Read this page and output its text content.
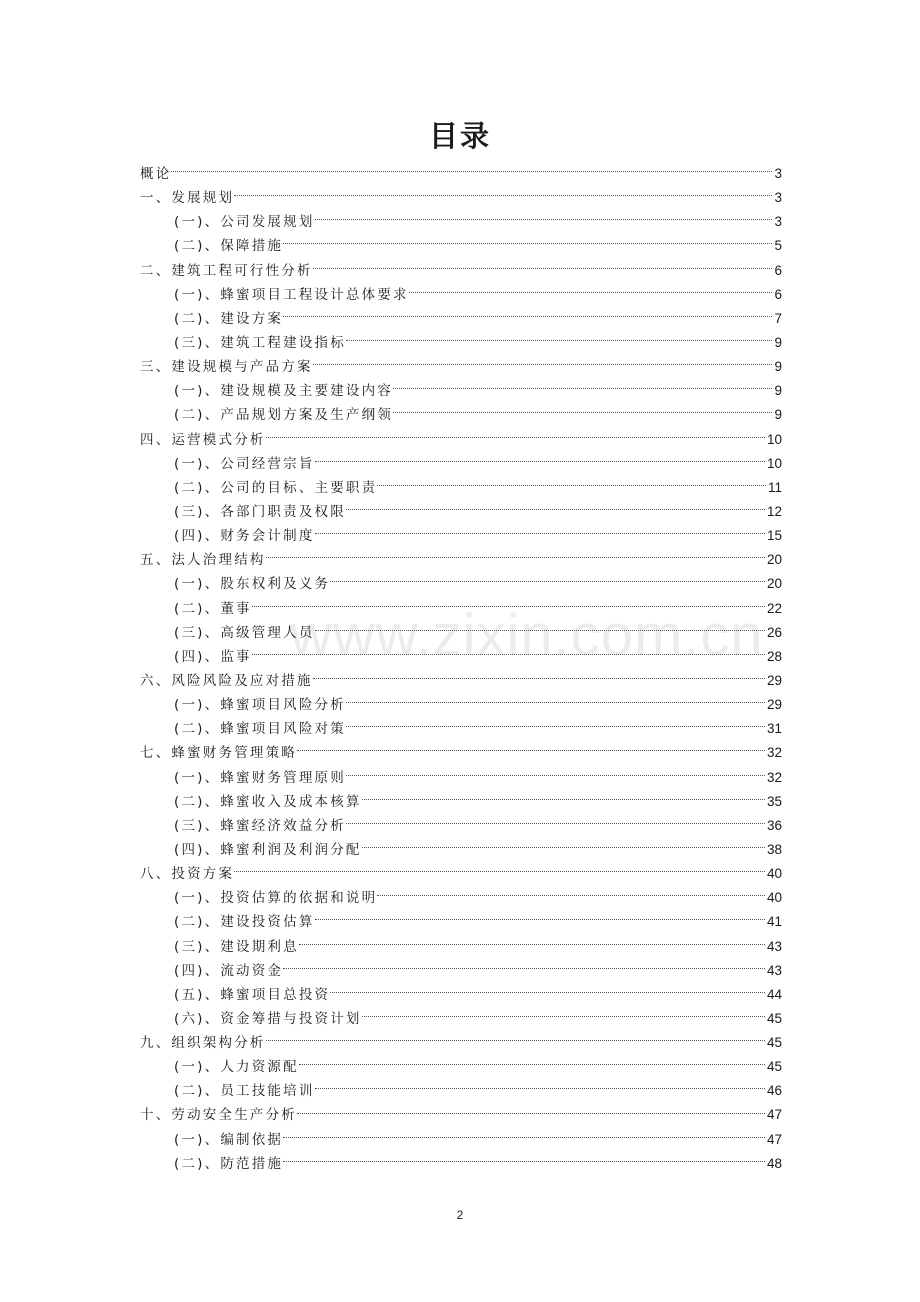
www.zixin.com.cn
目录
概论	3
一、发展规划	3
(一)、公司发展规划	3
(二)、保障措施	5
二、建筑工程可行性分析	6
(一)、蜂蜜项目工程设计总体要求	6
(二)、建设方案	7
(三)、建筑工程建设指标	9
三、建设规模与产品方案	9
(一)、建设规模及主要建设内容	9
(二)、产品规划方案及生产纲领	9
四、运营模式分析	10
(一)、公司经营宗旨	10
(二)、公司的目标、主要职责	11
(三)、各部门职责及权限	12
(四)、财务会计制度	15
五、法人治理结构	20
(一)、股东权利及义务	20
(二)、董事	22
(三)、高级管理人员	26
(四)、监事	28
六、风险风险及应对措施	29
(一)、蜂蜜项目风险分析	29
(二)、蜂蜜项目风险对策	31
七、蜂蜜财务管理策略	32
(一)、蜂蜜财务管理原则	32
(二)、蜂蜜收入及成本核算	35
(三)、蜂蜜经济效益分析	36
(四)、蜂蜜利润及利润分配	38
八、投资方案	40
(一)、投资估算的依据和说明	40
(二)、建设投资估算	41
(三)、建设期利息	43
(四)、流动资金	43
(五)、蜂蜜项目总投资	44
(六)、资金筹措与投资计划	45
九、组织架构分析	45
(一)、人力资源配	45
(二)、员工技能培训	46
十、劳动安全生产分析	47
(一)、编制依据	47
(二)、防范措施	48
2
